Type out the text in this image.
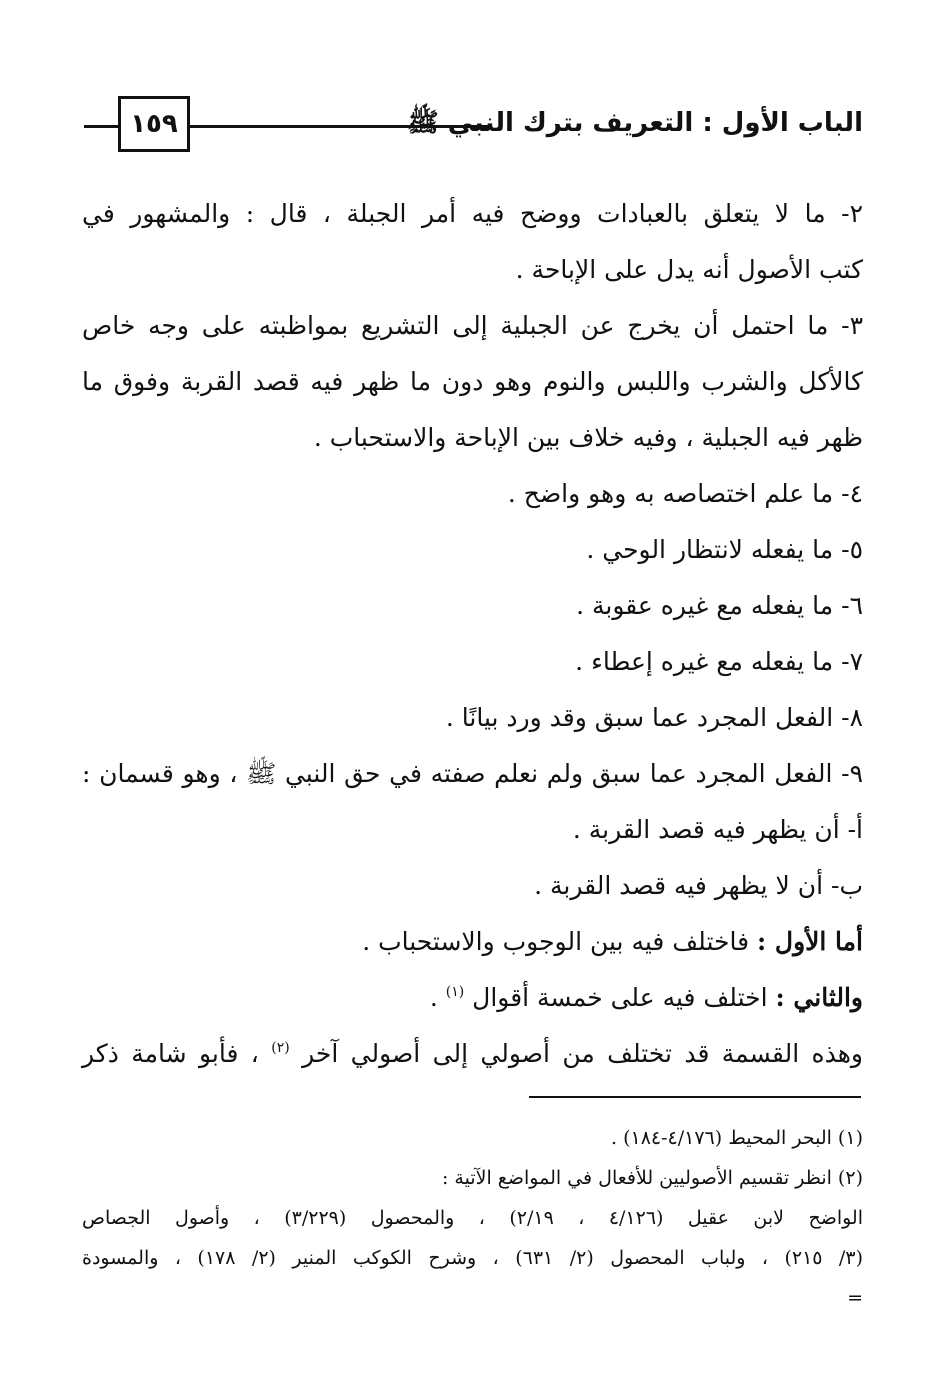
١٥٩	الباب الأول : التعريف بترك النبي ﷺ
٢- ما لا يتعلق بالعبادات ووضح فيه أمر الجبلة ، قال : والمشهور في
كتب الأصول أنه يدل على الإباحة .
٣- ما احتمل أن يخرج عن الجبلية إلى التشريع بمواظبته على وجه خاص
كالأكل والشرب واللبس والنوم وهو دون ما ظهر فيه قصد القربة وفوق ما
ظهر فيه الجبلية ، وفيه خلاف بين الإباحة والاستحباب .
٤- ما علم اختصاصه به وهو واضح .
٥- ما يفعله لانتظار الوحي .
٦- ما يفعله مع غيره عقوبة .
٧- ما يفعله مع غيره إعطاء .
٨- الفعل المجرد عما سبق وقد ورد بيانًا .
٩- الفعل المجرد عما سبق ولم نعلم صفته في حق النبي ﷺ ، وهو قسمان :
أ- أن يظهر فيه قصد القربة .
ب- أن لا يظهر فيه قصد القربة .
أما الأول : فاختلف فيه بين الوجوب والاستحباب .
والثاني : اختلف فيه على خمسة أقوال $^{(١)}$ .
وهذه القسمة قد تختلف من أصولي إلى أصولي آخر $^{(٢)}$ ، فأبو شامة ذكر
(١) البحر المحيط (٤/١٧٦-١٨٤) .
(٢) انظر تقسيم الأصوليين للأفعال في المواضع الآتية :
الواضح لابن عقيل (٤/١٢٦ ، ٢/١٩) ، والمحصول (٣/٢٢٩) ، وأصول الجصاص
(٣/ ٢١٥) ، ولباب المحصول (٢/ ٦٣١) ، وشرح الكوكب المنير (٢/ ١٧٨) ، والمسودة
=
